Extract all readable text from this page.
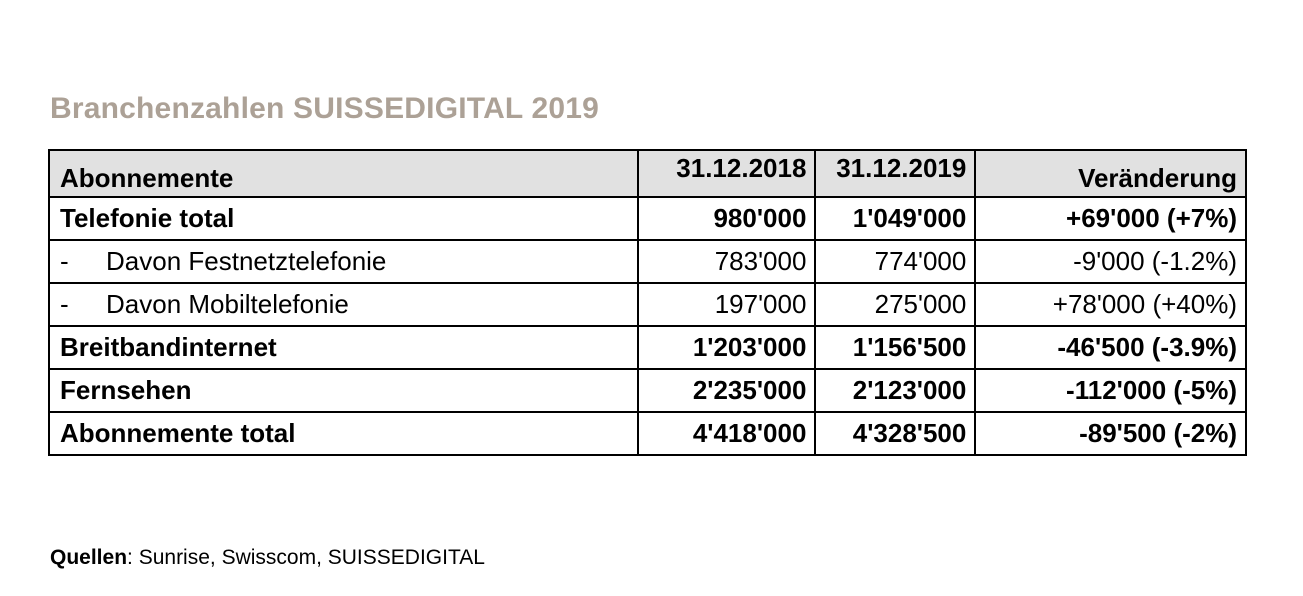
Branchenzahlen SUISSEDIGITAL 2019
Abonnemente	31.12.2018	31.12.2019	Veränderung
Telefonie total	980'000	1'049'000	+69'000 (+7%)
- Davon Festnetztelefonie	783'000	774'000	-9'000 (-1.2%)
- Davon Mobiltelefonie	197'000	275'000	+78'000 (+40%)
Breitbandinternet	1'203'000	1'156'500	-46'500 (-3.9%)
Fernsehen	2'235'000	2'123'000	-112'000 (-5%)
Abonnemente total	4'418'000	4'328'500	-89'500 (-2%)
Quellen: Sunrise, Swisscom, SUISSEDIGITAL
